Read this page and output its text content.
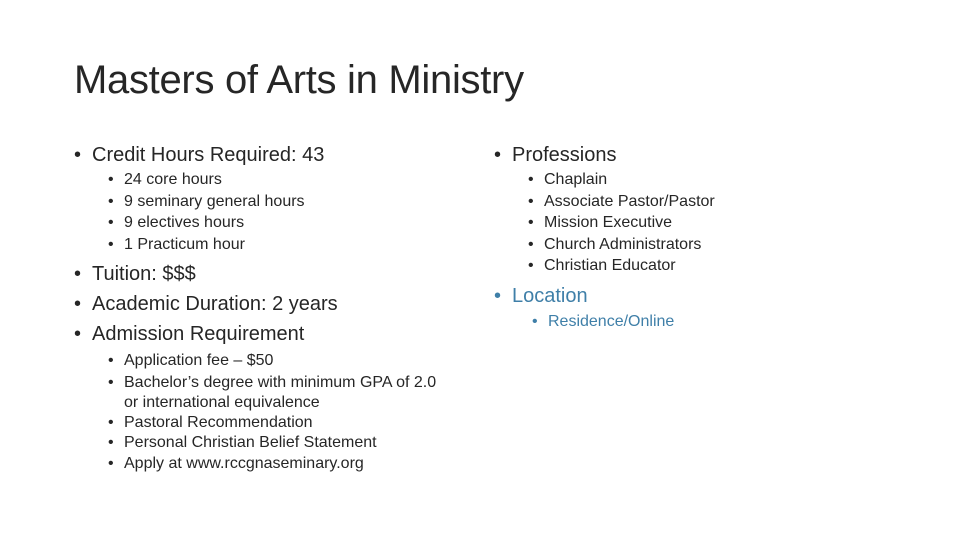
Masters of Arts in Ministry

• Credit Hours Required: 43

• 24 core hours
• 9 seminary general hours
• 9 electives hours
• 1 Practicum hour

• Tuition: $$$

• Academic Duration: 2 years

• Admission Requirement

• Application fee – $50
• Bachelor’s degree with minimum GPA of 2.0 or international equivalence
• Pastoral Recommendation
• Personal Christian Belief Statement
• Apply at www.rccgnaseminary.org

• Professions

• Chaplain
• Associate Pastor/Pastor
• Mission Executive
• Church Administrators
• Christian Educator

• Location

• Residence/Online
